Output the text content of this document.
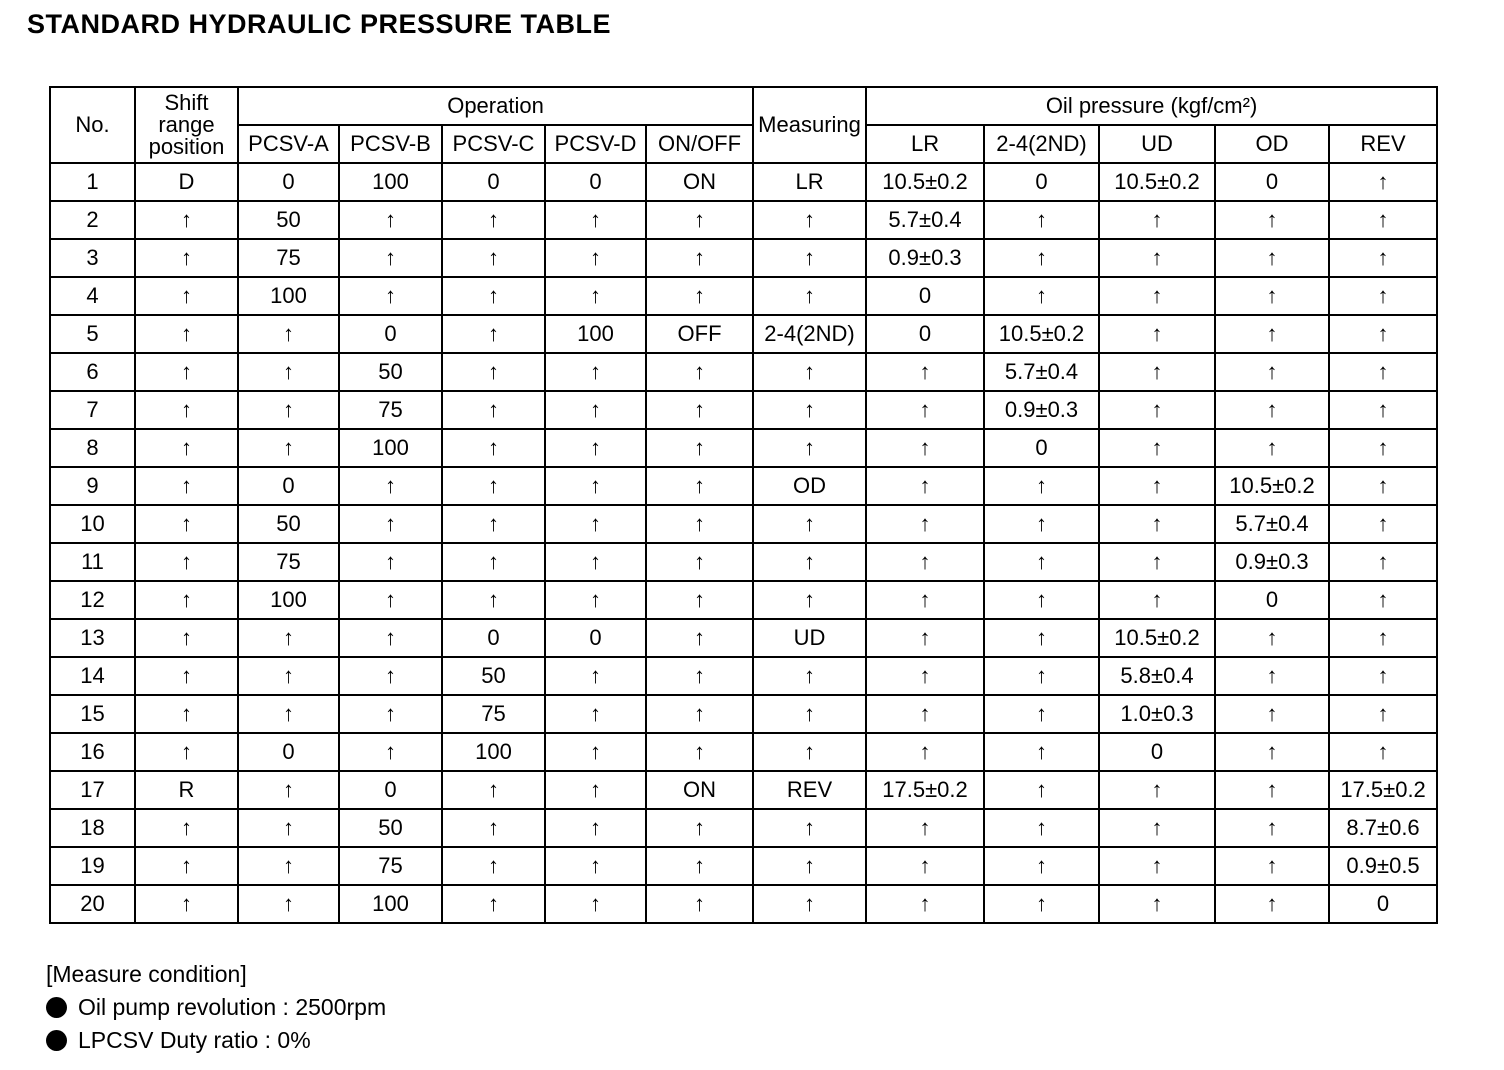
STANDARD HYDRAULIC PRESSURE TABLE
No.	Shift range position	Operation					Measuring	Oil pressure (kgf/cm²)				
		PCSV-A	PCSV-B	PCSV-C	PCSV-D	ON/OFF		LR	2-4(2ND)	UD	OD	REV
1	D	0	100	0	0	ON	LR	10.5±0.2	0	10.5±0.2	0	↑
2	↑	50	↑	↑	↑	↑	↑	5.7±0.4	↑	↑	↑	↑
3	↑	75	↑	↑	↑	↑	↑	0.9±0.3	↑	↑	↑	↑
4	↑	100	↑	↑	↑	↑	↑	0	↑	↑	↑	↑
5	↑	↑	0	↑	100	OFF	2-4(2ND)	0	10.5±0.2	↑	↑	↑
6	↑	↑	50	↑	↑	↑	↑	↑	5.7±0.4	↑	↑	↑
7	↑	↑	75	↑	↑	↑	↑	↑	0.9±0.3	↑	↑	↑
8	↑	↑	100	↑	↑	↑	↑	↑	0	↑	↑	↑
9	↑	0	↑	↑	↑	↑	OD	↑	↑	↑	10.5±0.2	↑
10	↑	50	↑	↑	↑	↑	↑	↑	↑	↑	5.7±0.4	↑
11	↑	75	↑	↑	↑	↑	↑	↑	↑	↑	0.9±0.3	↑
12	↑	100	↑	↑	↑	↑	↑	↑	↑	↑	0	↑
13	↑	↑	↑	0	0	↑	UD	↑	↑	10.5±0.2	↑	↑
14	↑	↑	↑	50	↑	↑	↑	↑	↑	5.8±0.4	↑	↑
15	↑	↑	↑	75	↑	↑	↑	↑	↑	1.0±0.3	↑	↑
16	↑	0	↑	100	↑	↑	↑	↑	↑	0	↑	↑
17	R	↑	0	↑	↑	ON	REV	17.5±0.2	↑	↑	↑	17.5±0.2
18	↑	↑	50	↑	↑	↑	↑	↑	↑	↑	↑	8.7±0.6
19	↑	↑	75	↑	↑	↑	↑	↑	↑	↑	↑	0.9±0.5
20	↑	↑	100	↑	↑	↑	↑	↑	↑	↑	↑	0
[Measure condition]
Oil pump revolution : 2500rpm
LPCSV Duty ratio : 0%
